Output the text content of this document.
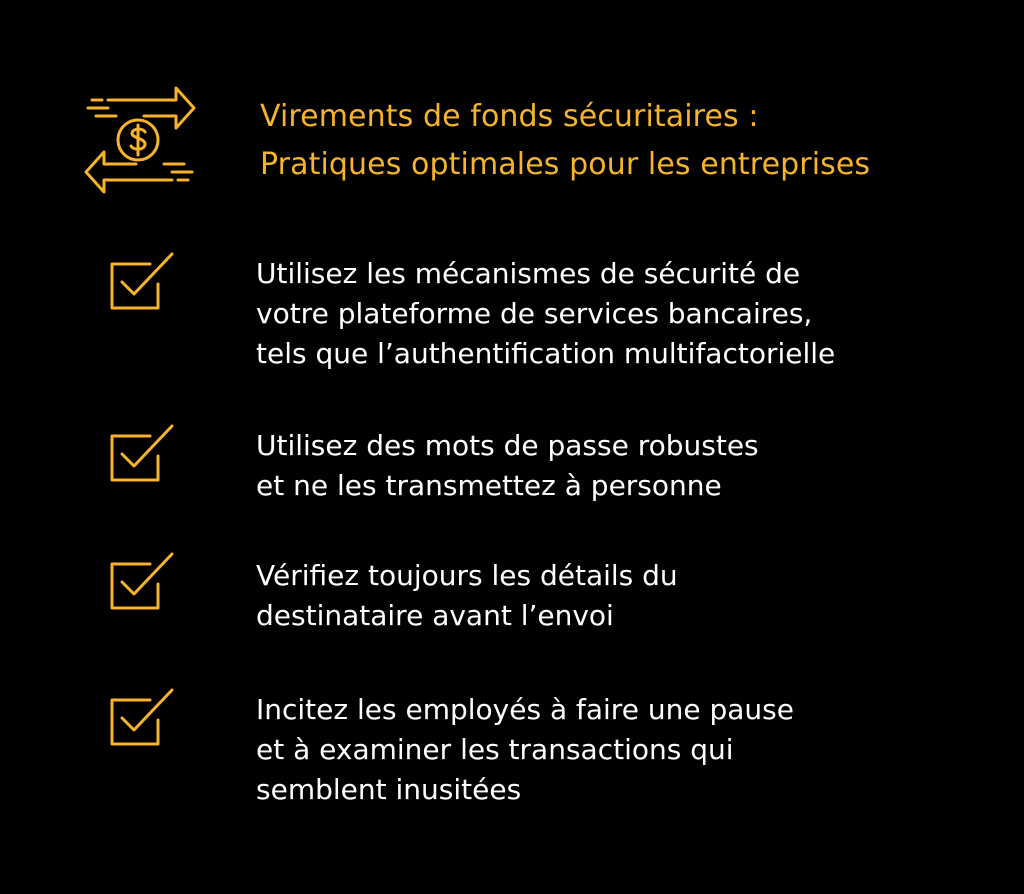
Virements de fonds sécuritaires :
Pratiques optimales pour les entreprises
Utilisez les mécanismes de sécurité de
votre plateforme de services bancaires,
tels que l’authentification multifactorielle
Utilisez des mots de passe robustes
et ne les transmettez à personne
Vérifiez toujours les détails du
destinataire avant l’envoi
Incitez les employés à faire une pause
et à examiner les transactions qui
semblent inusitées
